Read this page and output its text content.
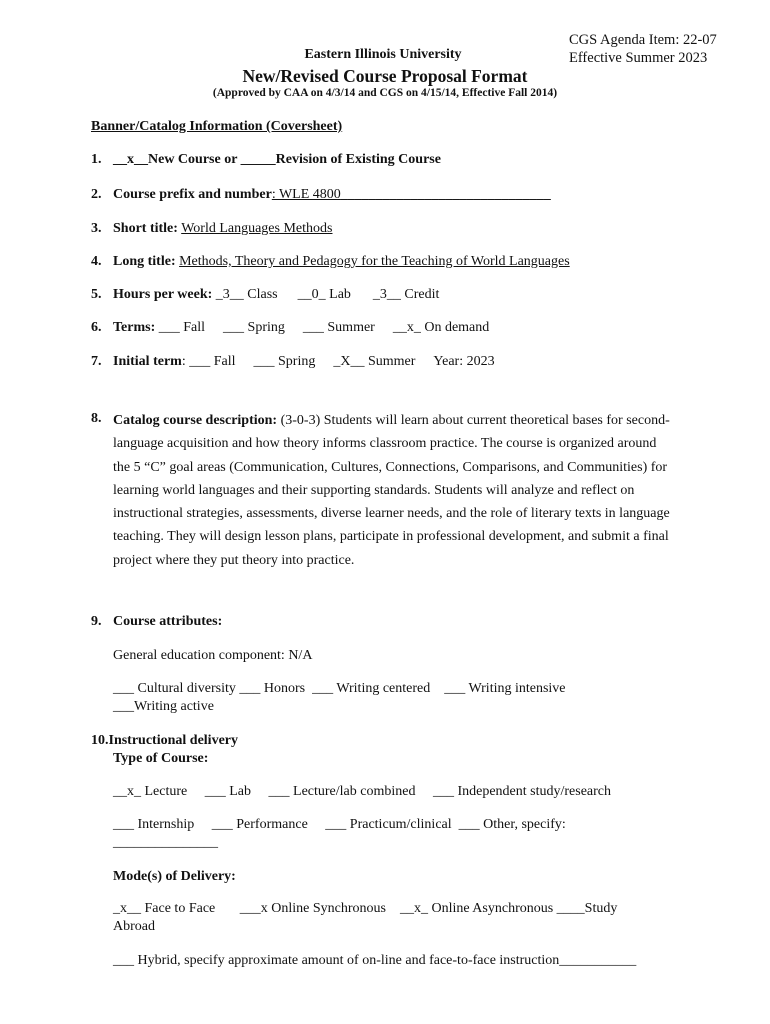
CGS Agenda Item: 22-07
Effective Summer 2023
Eastern Illinois University
New/Revised Course Proposal Format
(Approved by CAA on 4/3/14 and CGS on 4/15/14, Effective Fall 2014)
Banner/Catalog Information (Coversheet)
1. __x__New Course or _____Revision of Existing Course
2. Course prefix and number: WLE 4800______________________________
3. Short title: World Languages Methods
4. Long title: Methods, Theory and Pedagogy for the Teaching of World Languages
5. Hours per week: _3__ Class __0_ Lab _3__ Credit
6. Terms: ___ Fall ___ Spring ___ Summer __x_ On demand
7. Initial term: ___ Fall ___ Spring _X__ Summer Year: 2023
8. Catalog course description: (3-0-3) Students will learn about current theoretical bases for second-language acquisition and how theory informs classroom practice. The course is organized around the 5 “C” goal areas (Communication, Cultures, Connections, Comparisons, and Communities) for learning world languages and their supporting standards. Students will analyze and reflect on instructional strategies, assessments, diverse learner needs, and the role of literary texts in language teaching. They will design lesson plans, participate in professional development, and submit a final project where they put theory into practice.
9. Course attributes:
General education component: N/A
___ Cultural diversity ___ Honors  ___ Writing centered    ___ Writing intensive
___Writing active
10.Instructional delivery
Type of Course:
__x_ Lecture     ___ Lab     ___ Lecture/lab combined     ___ Independent study/research
___ Internship     ___ Performance     ___ Practicum/clinical  ___ Other, specify:
_______________
Mode(s) of Delivery:
_x__ Face to Face       ___x Online Synchronous    __x_ Online Asynchronous ____Study
Abroad
___ Hybrid, specify approximate amount of on-line and face-to-face instruction___________
